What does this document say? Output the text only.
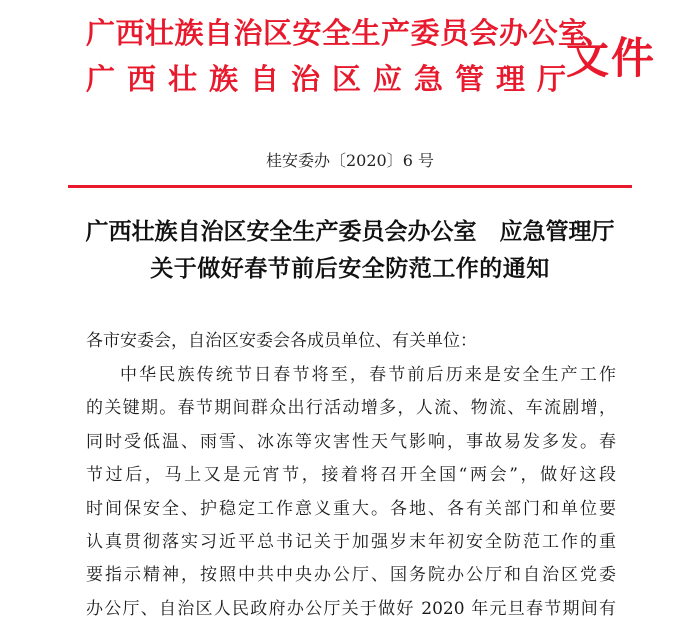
广西壮族自治区安全生产委员会办公室
广西壮族自治区应急管理厅
文件
桂安委办〔2020〕6 号
广西壮族自治区安全生产委员会办公室　应急管理厅
关于做好春节前后安全防范工作的通知
各市安委会，自治区安委会各成员单位、有关单位：
中华民族传统节日春节将至，春节前后历来是安全生产工作
的关键期。春节期间群众出行活动增多，人流、物流、车流剧增，
同时受低温、雨雪、冰冻等灾害性天气影响，事故易发多发。春
节过后，马上又是元宵节，接着将召开全国“两会”，做好这段
时间保安全、护稳定工作意义重大。各地、各有关部门和单位要
认真贯彻落实习近平总书记关于加强岁末年初安全防范工作的重
要指示精神，按照中共中央办公厅、国务院办公厅和自治区党委
办公厅、自治区人民政府办公厅关于做好 2020 年元旦春节期间有
